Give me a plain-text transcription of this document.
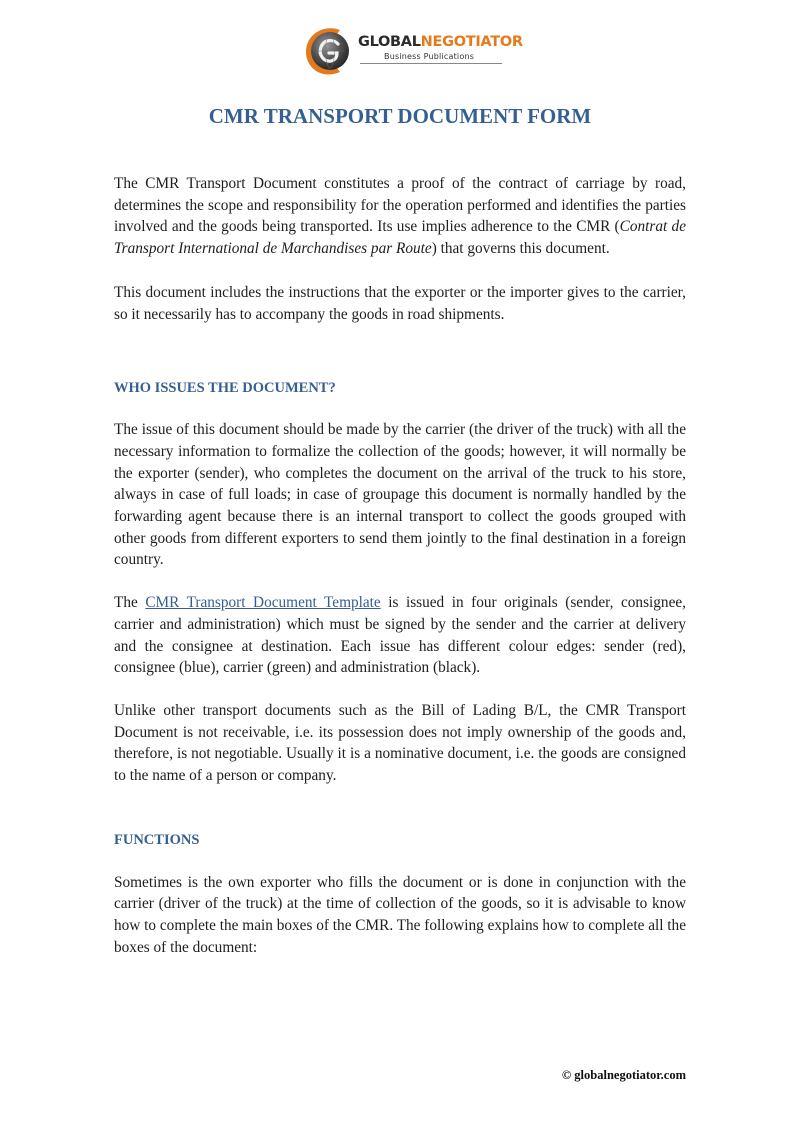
GLOBALNEGOTIATOR
Business Publications
CMR TRANSPORT DOCUMENT FORM

The CMR Transport Document constitutes a proof of the contract of carriage by road, determines the scope and responsibility for the operation performed and identifies the parties involved and the goods being transported. Its use implies adherence to the CMR (Contrat de Transport International de Marchandises par Route) that governs this document.

This document includes the instructions that the exporter or the importer gives to the carrier, so it necessarily has to accompany the goods in road shipments.

WHO ISSUES THE DOCUMENT?

The issue of this document should be made by the carrier (the driver of the truck) with all the necessary information to formalize the collection of the goods; however, it will normally be the exporter (sender), who completes the document on the arrival of the truck to his store, always in case of full loads; in case of groupage this document is normally handled by the forwarding agent because there is an internal transport to collect the goods grouped with other goods from different exporters to send them jointly to the final destination in a foreign country.

The CMR Transport Document Template is issued in four originals (sender, consignee, carrier and administration) which must be signed by the sender and the carrier at delivery and the consignee at destination. Each issue has different colour edges: sender (red), consignee (blue), carrier (green) and administration (black).

Unlike other transport documents such as the Bill of Lading B/L, the CMR Transport Document is not receivable, i.e. its possession does not imply ownership of the goods and, therefore, is not negotiable. Usually it is a nominative document, i.e. the goods are consigned to the name of a person or company.

FUNCTIONS

Sometimes is the own exporter who fills the document or is done in conjunction with the carrier (driver of the truck) at the time of collection of the goods, so it is advisable to know how to complete the main boxes of the CMR. The following explains how to complete all the boxes of the document:

© globalnegotiator.com
